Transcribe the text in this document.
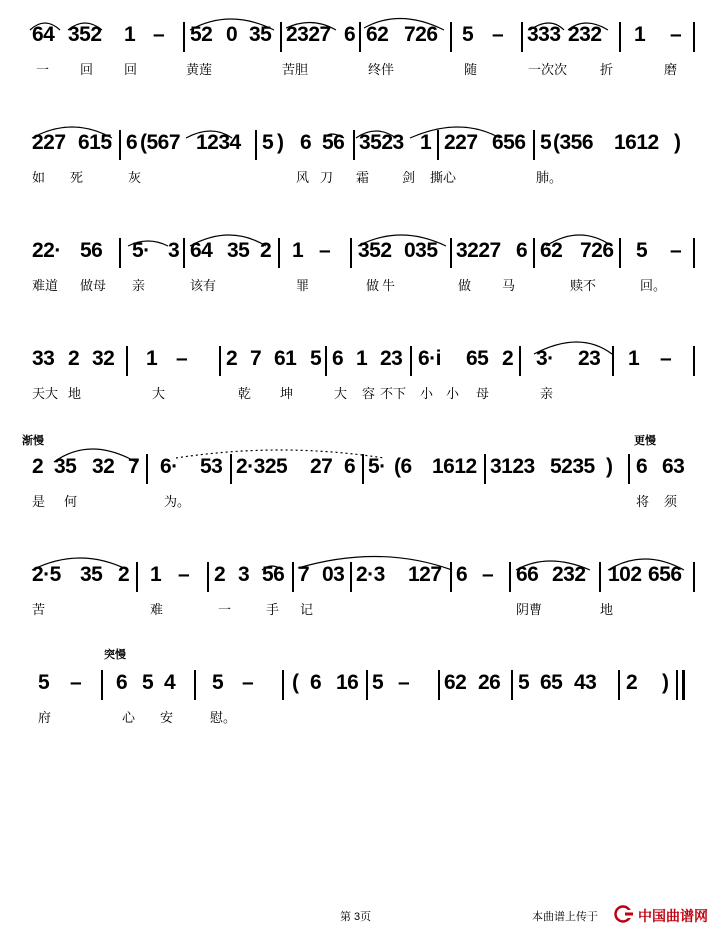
64 352 1 – 52 0 35 2327 6 62 726 5 – 333 232 1 –
一 回 回	黄莲	苦胆	终伴	随	一次次	折	磨
227 615 6 (567 1234 5 ) 6 56 3523 1 227 656 5 (356 1612 )
如 死	灰	风 刀 霜	剑 撕心	肺。
22· 56 5· 3 64 35 2 1 – 352 035 3227 6 62 726 5 –
难道 做母 亲	该有	罪	做 牛	做 马	赎不	回。
33 2 32 1 – 2 7 61 5 6 1 23 6·i 65 2 3· 23 1 –
天大 地	大	乾 坤	大 容 不下 小 小 母	亲
渐慢	更慢
2 35 32 7 6· 53 2·325 27 6 5· (6 1612 3123 5235 ) 6 63
是 何	为。	将 须
2·5 35 2 1 – 2 3 56 7 03 2·3 127 6 – 66 232 102 656
苦	难	一	手 记	阴曹	地
突慢
5 – 6 5 4 5 – ( 6 16 5 – 62 26 5 65 43 2 )
府	心 安	慰。
第 3页	本曲谱上传于	中国曲谱网
